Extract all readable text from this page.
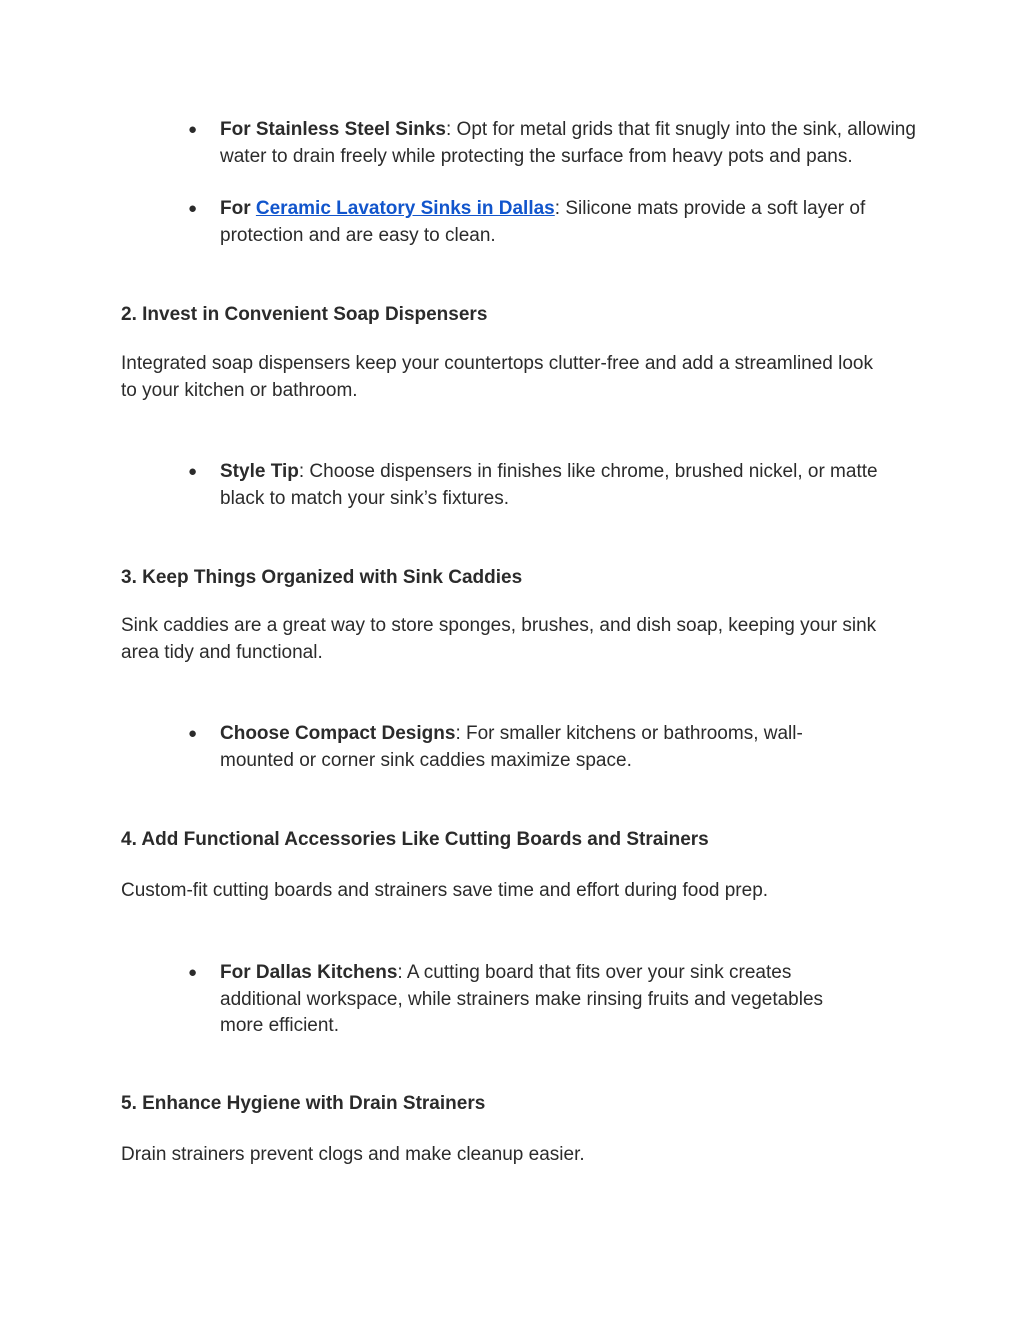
● For Stainless Steel Sinks: Opt for metal grids that fit snugly into the sink, allowing water to drain freely while protecting the surface from heavy pots and pans.
● For Ceramic Lavatory Sinks in Dallas: Silicone mats provide a soft layer of protection and are easy to clean.
2. Invest in Convenient Soap Dispensers
Integrated soap dispensers keep your countertops clutter-free and add a streamlined look to your kitchen or bathroom.
● Style Tip: Choose dispensers in finishes like chrome, brushed nickel, or matte black to match your sink’s fixtures.
3. Keep Things Organized with Sink Caddies
Sink caddies are a great way to store sponges, brushes, and dish soap, keeping your sink area tidy and functional.
● Choose Compact Designs: For smaller kitchens or bathrooms, wall-mounted or corner sink caddies maximize space.
4. Add Functional Accessories Like Cutting Boards and Strainers
Custom-fit cutting boards and strainers save time and effort during food prep.
● For Dallas Kitchens: A cutting board that fits over your sink creates additional workspace, while strainers make rinsing fruits and vegetables more efficient.
5. Enhance Hygiene with Drain Strainers
Drain strainers prevent clogs and make cleanup easier.
